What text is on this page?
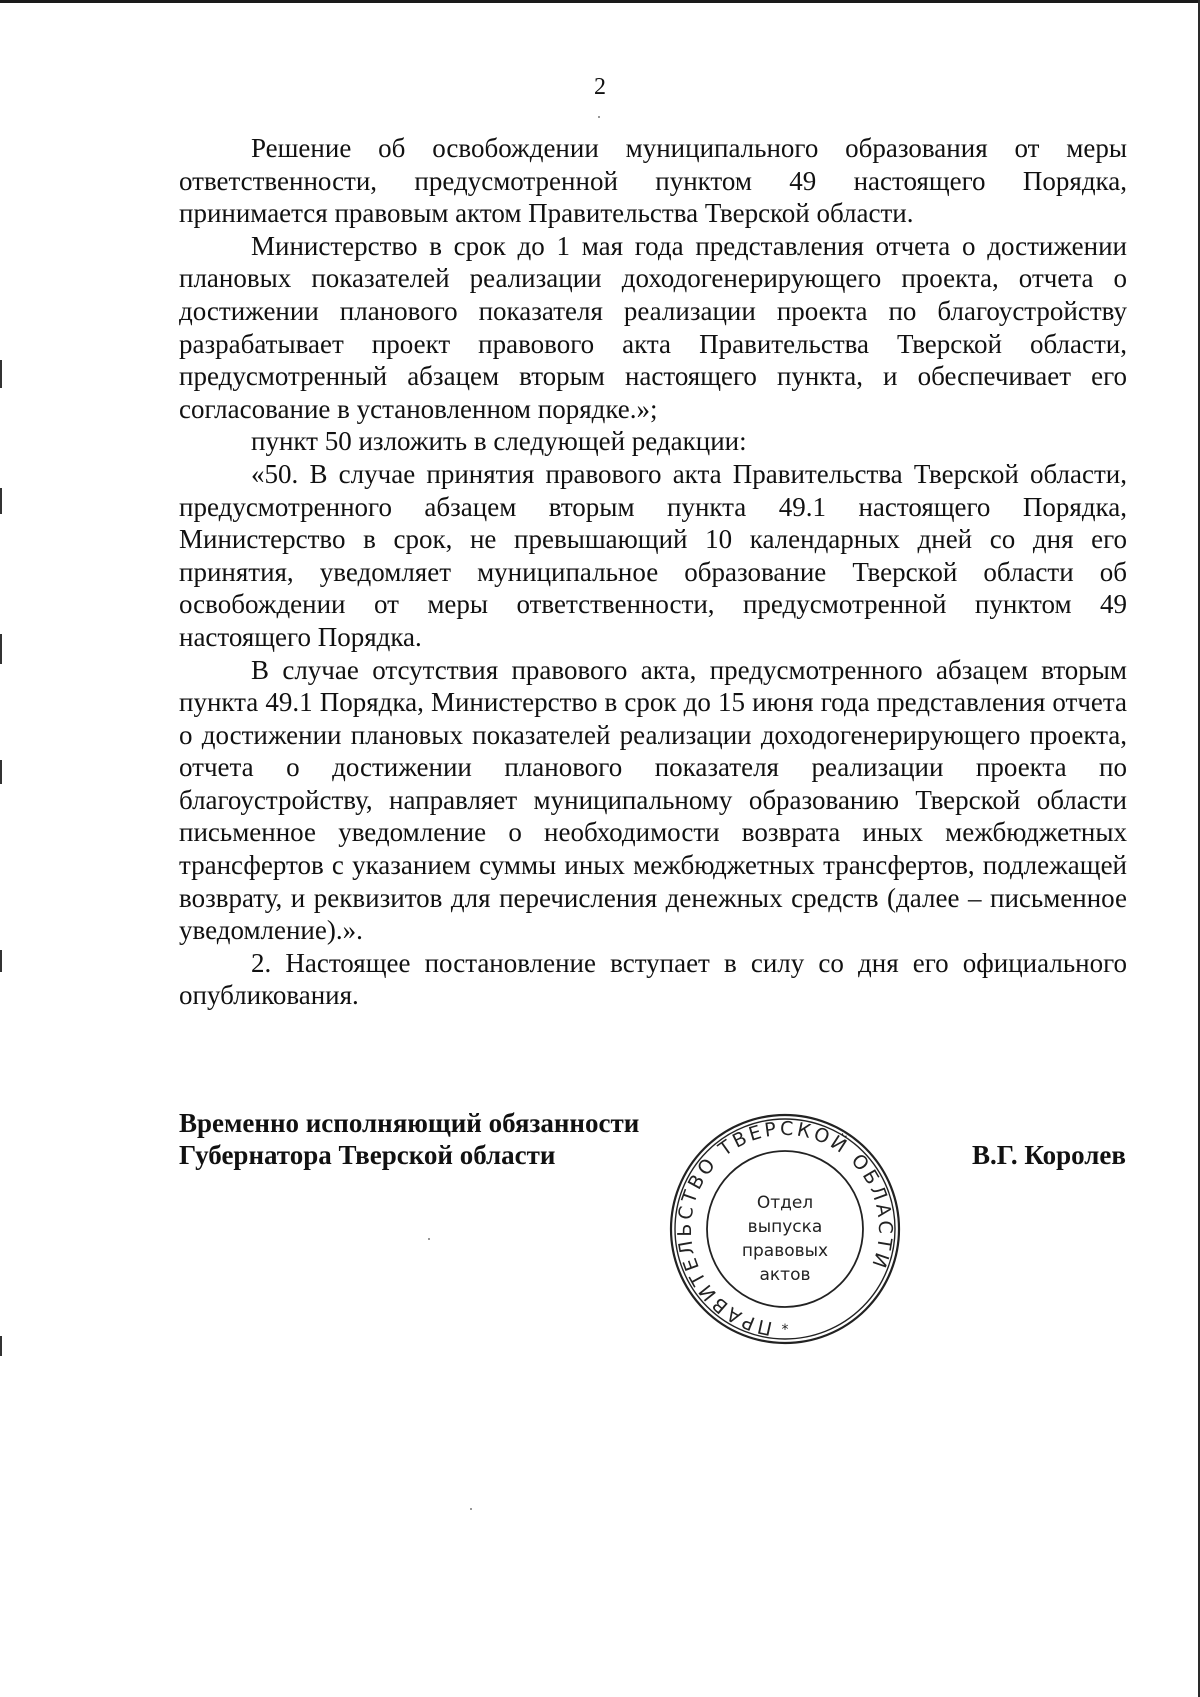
2

Решение об освобождении муниципального образования от меры ответственности, предусмотренной пунктом 49 настоящего Порядка, принимается правовым актом Правительства Тверской области.

Министерство в срок до 1 мая года представления отчета о достижении плановых показателей реализации доходогенерирующего проекта, отчета о достижении планового показателя реализации проекта по благоустройству разрабатывает проект правового акта Правительства Тверской области, предусмотренный абзацем вторым настоящего пункта, и обеспечивает его согласование в установленном порядке.»;

пункт 50 изложить в следующей редакции:

«50. В случае принятия правового акта Правительства Тверской области, предусмотренного абзацем вторым пункта 49.1 настоящего Порядка, Министерство в срок, не превышающий 10 календарных дней со дня его принятия, уведомляет муниципальное образование Тверской области об освобождении от меры ответственности, предусмотренной пунктом 49 настоящего Порядка.

В случае отсутствия правового акта, предусмотренного абзацем вторым пункта 49.1 Порядка, Министерство в срок до 15 июня года представления отчета о достижении плановых показателей реализации доходогенерирующего проекта, отчета о достижении планового показателя реализации проекта по благоустройству, направляет муниципальному образованию Тверской области письменное уведомление о необходимости возврата иных межбюджетных трансфертов с указанием суммы иных межбюджетных трансфертов, подлежащей возврату, и реквизитов для перечисления денежных средств (далее – письменное уведомление).».

2. Настоящее постановление вступает в силу со дня его официального опубликования.

Временно исполняющий обязанности
Губернатора Тверской области	В.Г. Королев
ПРАВИТЕЛЬСТВО ТВЕРСКОЙ ОБЛАСТИ
Отдел
выпуска
правовых
актов
*
